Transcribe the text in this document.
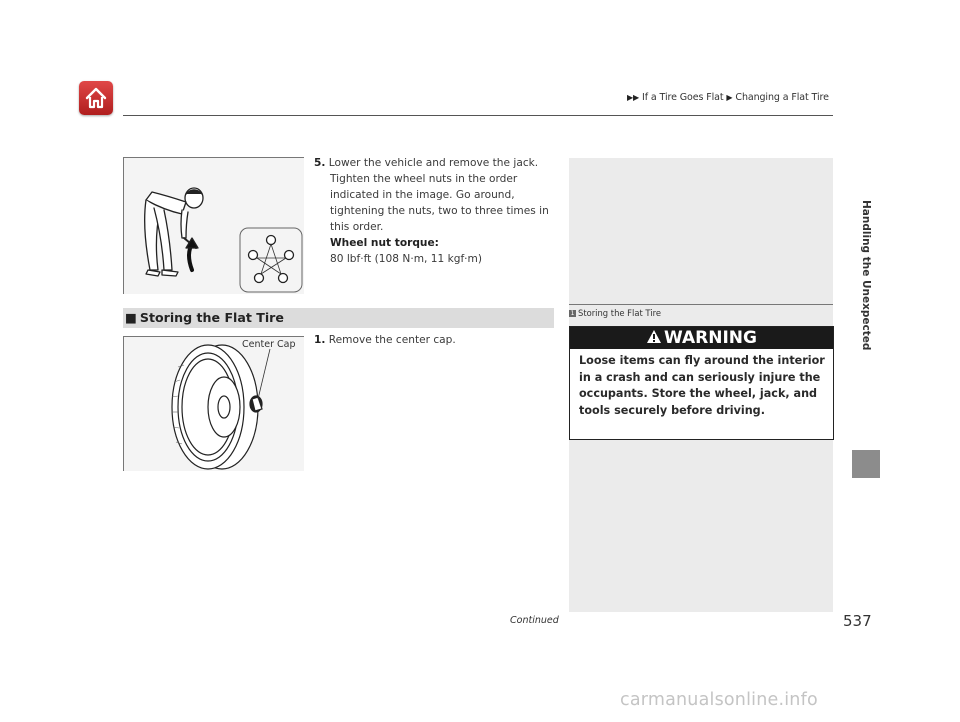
▶▶ If a Tire Goes Flat ▶ Changing a Flat Tire
Handling the Unexpected
5. Lower the vehicle and remove the jack. Tighten the wheel nuts in the order indicated in the image. Go around, tightening the nuts, two to three times in this order.
Wheel nut torque:
80 lbf·ft (108 N·m, 11 kgf·m)
■ Storing the Flat Tire
Center Cap 1. Remove the center cap.
1 Storing the Flat Tire
WARNING
Loose items can fly around the interior in a crash and can seriously injure the occupants. Store the wheel, jack, and tools securely before driving.
Continued	537
carmanualsonline.info
